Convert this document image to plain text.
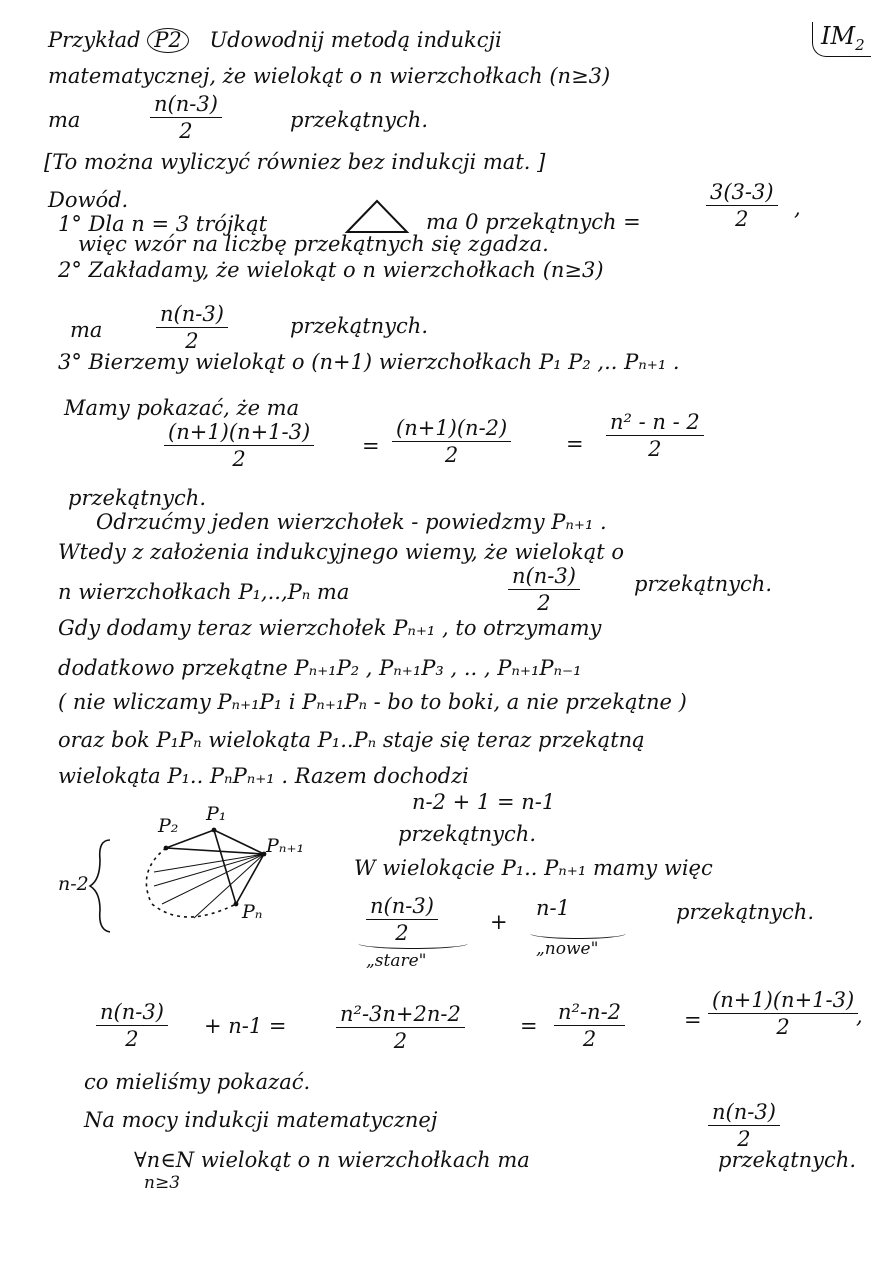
Przykład P2 Udowodnij metodą indukcji	$IM_2$
matematycznej, że wielokąt o n wierzchołkach (n≥3)
ma	$\frac{n(n-3)}{2}$	przekątnych.
[To można wyliczyć równiez bez indukcji mat. ]
Dowód.
1° Dla n = 3 trójkąt	ma 0 przekątnych =	$\frac{3(3-3)}{2}$ ,
więc wzór na liczbę przekątnych się zgadza.
2° Zakładamy, że wielokąt o n wierzchołkach (n≥3)
ma	$\frac{n(n-3)}{2}$	przekątnych.
3° Bierzemy wielokąt o (n+1) wierzchołkach P₁ P₂ ,.. Pₙ₊₁ .
Mamy pokazać, że ma
$\frac{(n+1)(n+1-3)}{2} = \frac{(n+1)(n-2)}{2}$	= $\frac{\text{n² - n - 2}}{2}$
przekątnych.
Odrzućmy jeden wierzchołek - powiedzmy Pₙ₊₁ .
Wtedy z założenia indukcyjnego wiemy, że wielokąt o
n wierzchołkach P₁,..,Pₙ ma	$\frac{n(n-3)}{2}$	przekątnych.
Gdy dodamy teraz wierzchołek Pₙ₊₁ , to otrzymamy
dodatkowo przekątne Pₙ₊₁P₂ , Pₙ₊₁P₃ , .. , Pₙ₊₁Pₙ₋₁
( nie wliczamy Pₙ₊₁P₁ i Pₙ₊₁Pₙ - bo to boki, a nie przekątne )
oraz bok P₁Pₙ wielokąta P₁..Pₙ staje się teraz przekątną
wielokąta P₁.. PₙPₙ₊₁ . Razem dochodzi
n-2 + 1 = n-1
przekątnych.
P₂
P₁
Pₙ₊₁
Pₙ
n-2
W wielokącie P₁.. Pₙ₊₁ mamy więc
$\frac{n(n-3)}{2}$ +
n-1	przekątnych.
„stare"
„nowe"
$\frac{n(n-3)}{2} + n-1 = \frac{\text{n²-3n+2n-2}}{2}$	= $\frac{\text{n²-n-2}}{2}$	= $\frac{(n+1)(n+1-3)}{2}$
,
co mieliśmy pokazać.
Na mocy indukcji matematycznej
∀n∈N wielokąt o n wierzchołkach ma
n≥3
$\frac{n(n-3)}{2}$
przekątnych.
